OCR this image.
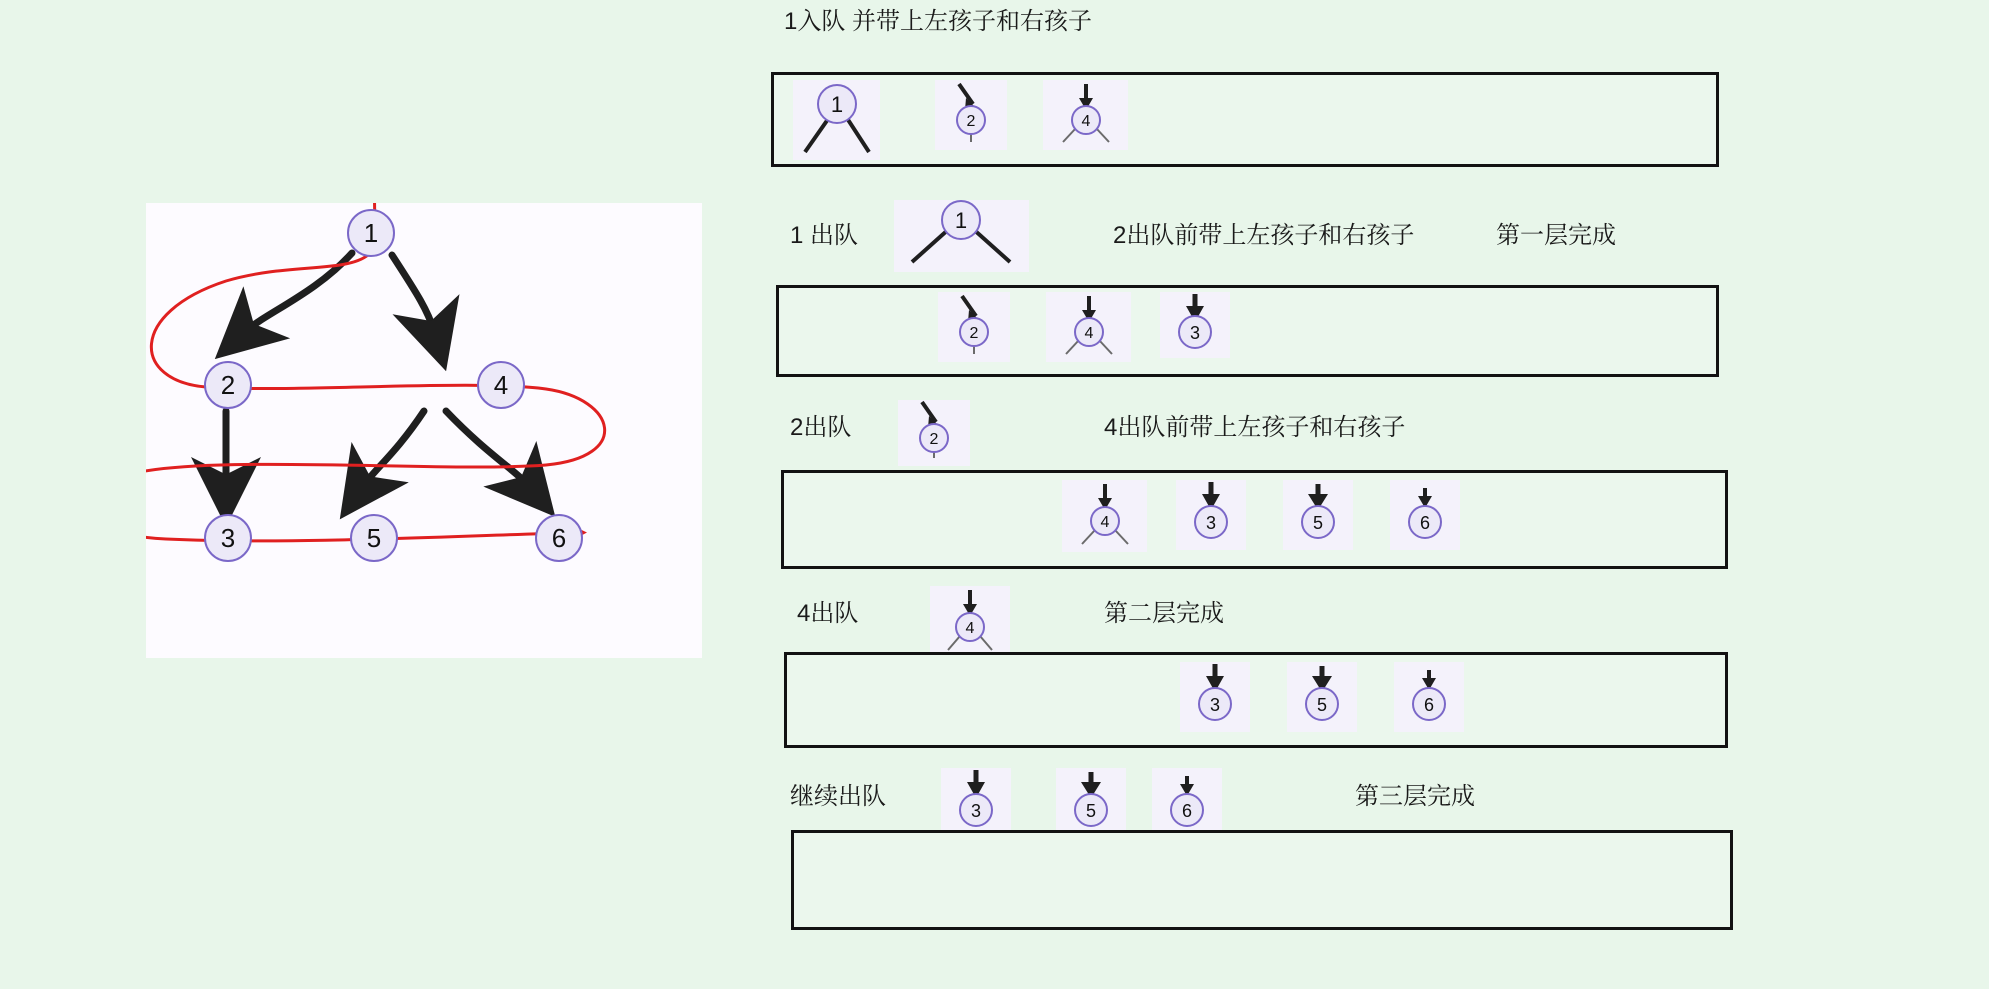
1
2	4
3	5	6
1入队 并带上左孩子和右孩子
1
2	4
1 出队
1
2出队前带上左孩子和右孩子	第一层完成
2	4	3
2出队	2	4出队前带上左孩子和右孩子
4	3	5	6
4出队
4
第二层完成
3	5	6
继续出队
3	5	6
第三层完成
